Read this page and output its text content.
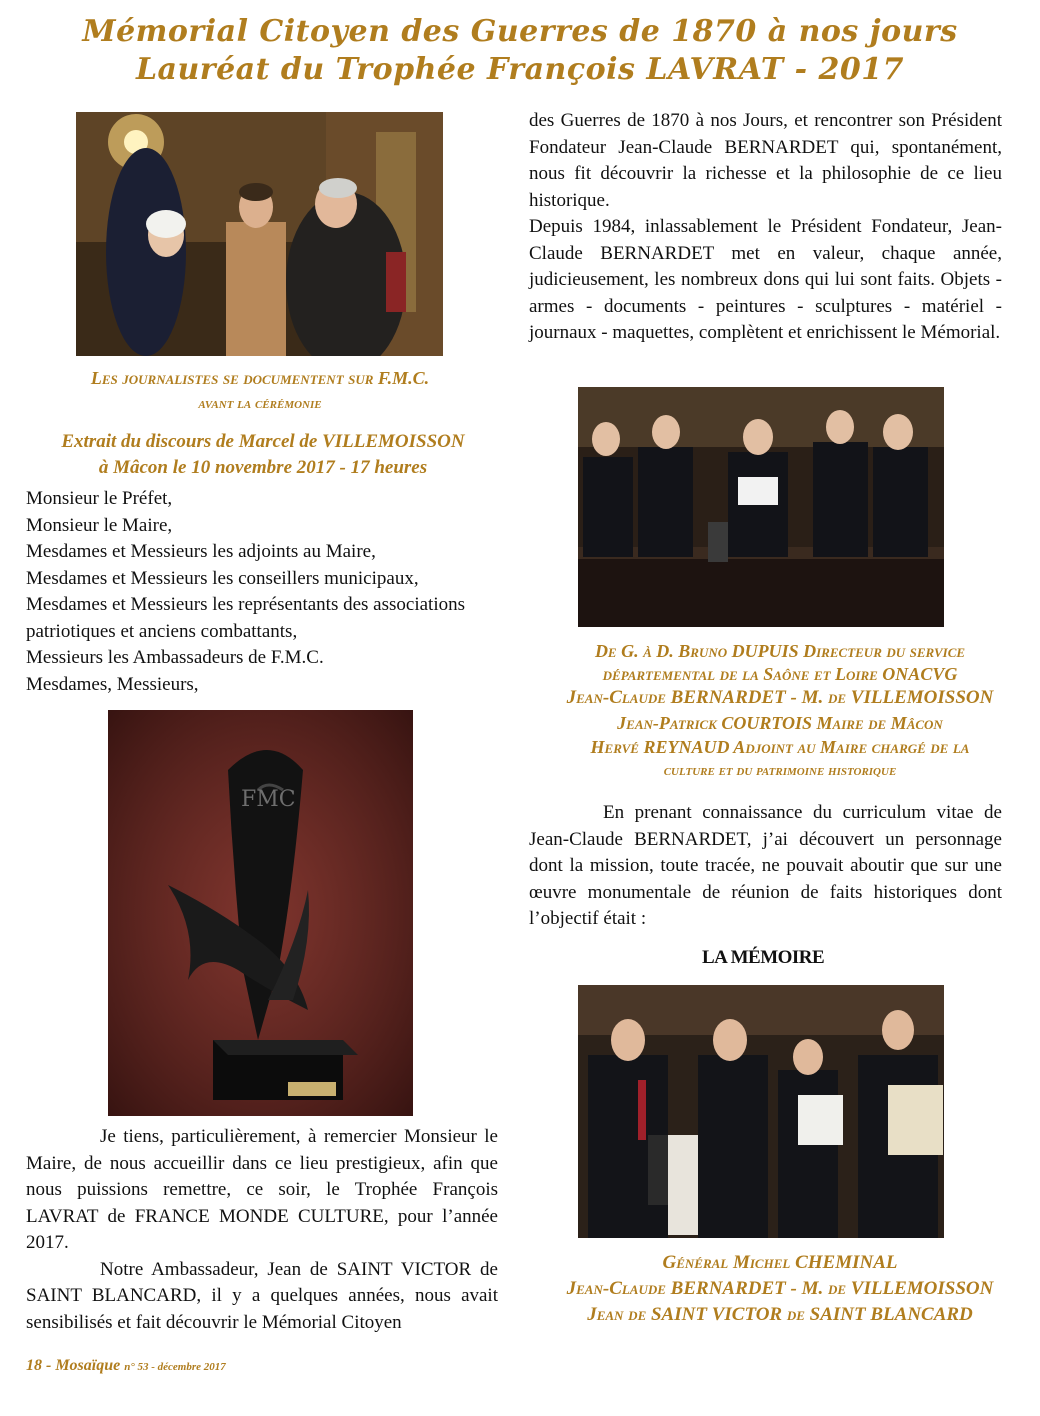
Mémorial Citoyen des Guerres de 1870 à nos jours
Lauréat du Trophée François LAVRAT - 2017
Les journalistes se documentent sur F.M.C.
avant la cérémonie
Extrait du discours de Marcel de VILLEMOISSON
à Mâcon le 10 novembre 2017 - 17 heures
Monsieur le Préfet,
Monsieur le Maire,
Mesdames et Messieurs les adjoints au Maire,
Mesdames et Messieurs les conseillers municipaux,
Mesdames et Messieurs les représentants des associations
patriotiques et anciens combattants,
Messieurs les Ambassadeurs de F.M.C.
Mesdames, Messieurs,
FMC

Je tiens, particulièrement, à remercier Monsieur le Maire, de nous accueillir dans ce lieu prestigieux, afin que nous puissions remettre, ce soir, le Trophée François LAVRAT de FRANCE MONDE CULTURE, pour l’année 2017.

Notre Ambassadeur, Jean de SAINT VICTOR de SAINT BLANCARD, il y a quelques années, nous avait sensibilisés et fait découvrir le Mémorial Citoyen

des Guerres de 1870 à nos Jours, et rencontrer son Président Fondateur Jean-Claude BERNARDET qui, spontanément, nous fit découvrir la richesse et la philosophie de ce lieu historique.

Depuis 1984, inlassablement le Président Fondateur, Jean-Claude BERNARDET met en valeur, chaque année, judicieusement, les nombreux dons qui lui sont faits. Objets - armes - documents - peintures - sculptures - matériel - journaux - maquettes, complètent et enrichissent le Mémorial.

De G. à D. Bruno DUPUIS Directeur du service
départemental de la Saône et Loire ONACVG
Jean-Claude BERNARDET - M. de VILLEMOISSON
Jean-Patrick COURTOIS Maire de Mâcon
Hervé REYNAUD Adjoint au Maire chargé de la
culture et du patrimoine historique

En prenant connaissance du curriculum vitae de Jean-Claude BERNARDET, j’ai découvert un personnage dont la mission, toute tracée, ne pouvait aboutir que sur une œuvre monumentale de réunion de faits historiques dont l’objectif était :

LA MÉMOIRE
Général Michel CHEMINAL
Jean-Claude BERNARDET - M. de VILLEMOISSON
Jean de SAINT VICTOR de SAINT BLANCARD
18 - Mosaïque n° 53 - décembre 2017
